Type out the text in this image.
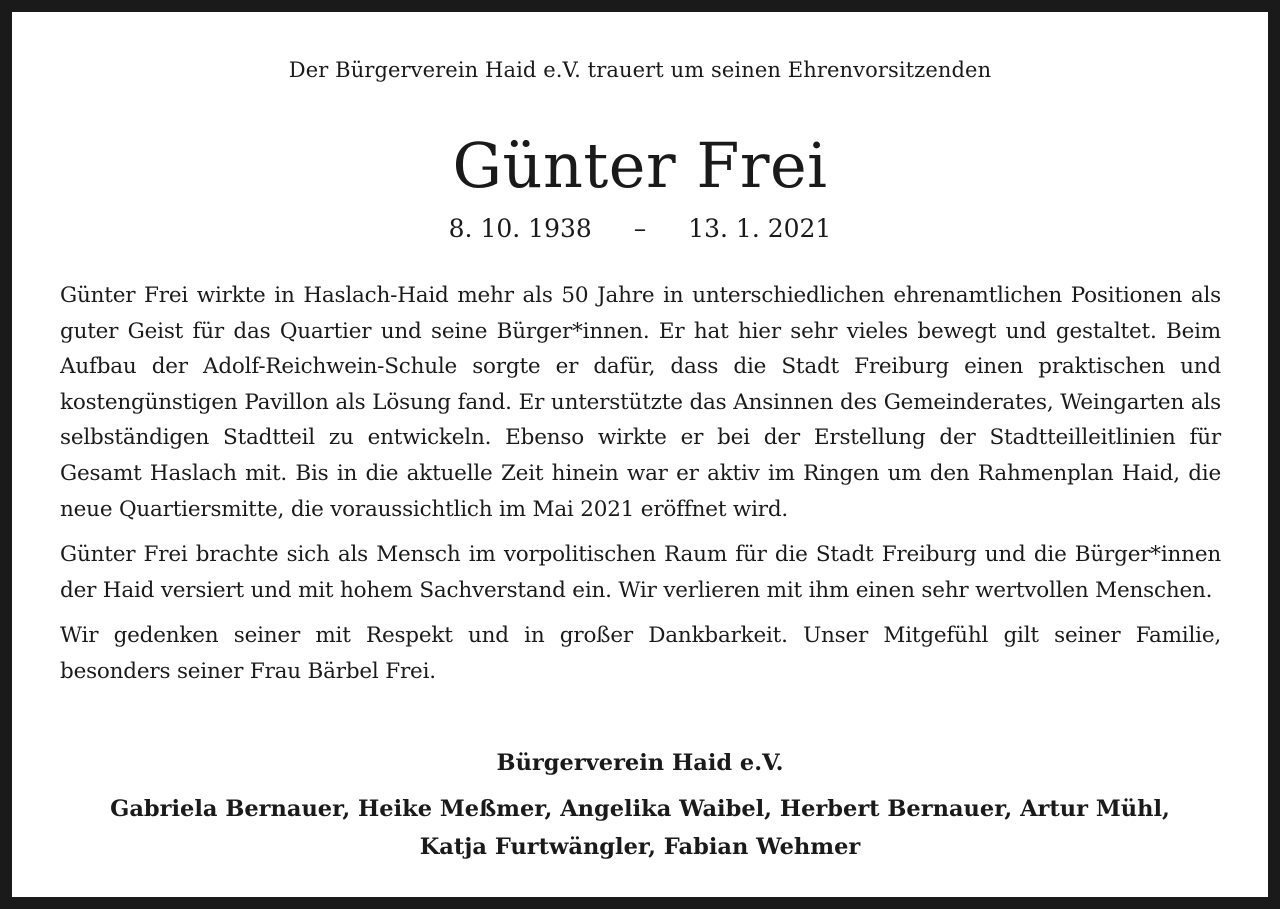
Der Bürgerverein Haid e.V. trauert um seinen Ehrenvorsitzenden
Günter Frei
8. 10. 1938 – 13. 1. 2021

Günter Frei wirkte in Haslach-Haid mehr als 50 Jahre in unterschiedlichen ehrenamtlichen Positionen als guter Geist für das Quartier und seine Bürger*innen. Er hat hier sehr vieles bewegt und gestaltet. Beim Aufbau der Adolf-Reichwein-Schule sorgte er dafür, dass die Stadt Freiburg einen praktischen und kostengünstigen Pavillon als Lösung fand. Er unterstützte das Ansinnen des Gemeinderates, Weingarten als selbständigen Stadtteil zu entwickeln. Ebenso wirkte er bei der Erstellung der Stadtteilleitlinien für Gesamt Haslach mit. Bis in die aktuelle Zeit hinein war er aktiv im Ringen um den Rahmenplan Haid, die neue Quartiersmitte, die voraussichtlich im Mai 2021 eröffnet wird.

Günter Frei brachte sich als Mensch im vorpolitischen Raum für die Stadt Freiburg und die Bürger*innen der Haid versiert und mit hohem Sachverstand ein. Wir verlieren mit ihm einen sehr wertvollen Menschen.

Wir gedenken seiner mit Respekt und in großer Dankbarkeit. Unser Mitgefühl gilt seiner Familie, besonders seiner Frau Bärbel Frei.

Bürgerverein Haid e.V.
Gabriela Bernauer, Heike Meßmer, Angelika Waibel, Herbert Bernauer, Artur Mühl,
Katja Furtwängler, Fabian Wehmer
